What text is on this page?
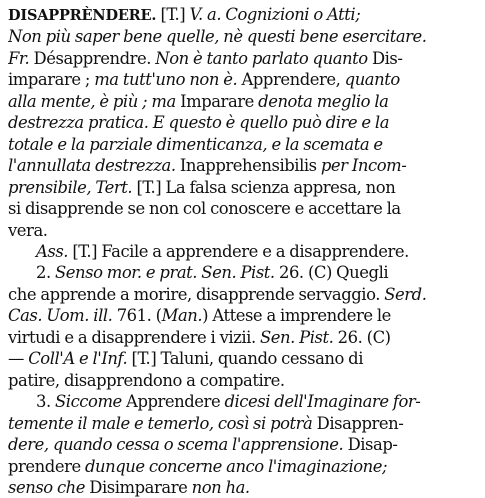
DISAPPRÈNDERE. [T.] V. a. Cognizioni o Atti;
Non più saper bene quelle, nè questi bene esercitare.
Fr. Désapprendre. Non è tanto parlato quanto Dis-
imparare ; ma tutt'uno non è. Apprendere, quanto
alla mente, è più ; ma Imparare denota meglio la
destrezza pratica. E questo è quello può dire e la
totale e la parziale dimenticanza, e la scemata e
l'annullata destrezza. Inapprehensibilis per Incom-
prensibile, Tert. [T.] La falsa scienza appresa, non
si disapprende se non col conoscere e accettare la
vera.
Ass. [T.] Facile a apprendere e a disapprendere.
2. Senso mor. e prat. Sen. Pist. 26. (C) Quegli
che apprende a morire, disapprende servaggio. Serd.
Cas. Uom. ill. 761. (Man.) Attese a imprendere le
virtudi e a disapprendere i vizii. Sen. Pist. 26. (C)
— Coll'A e l'Inf. [T.] Taluni, quando cessano di
patire, disapprendono a compatire.
3. Siccome Apprendere dicesi dell'Imaginare for-
temente il male e temerlo, così si potrà Disappren-
dere, quando cessa o scema l'apprensione. Disap-
prendere dunque concerne anco l'imaginazione;
senso che Disimparare non ha.
